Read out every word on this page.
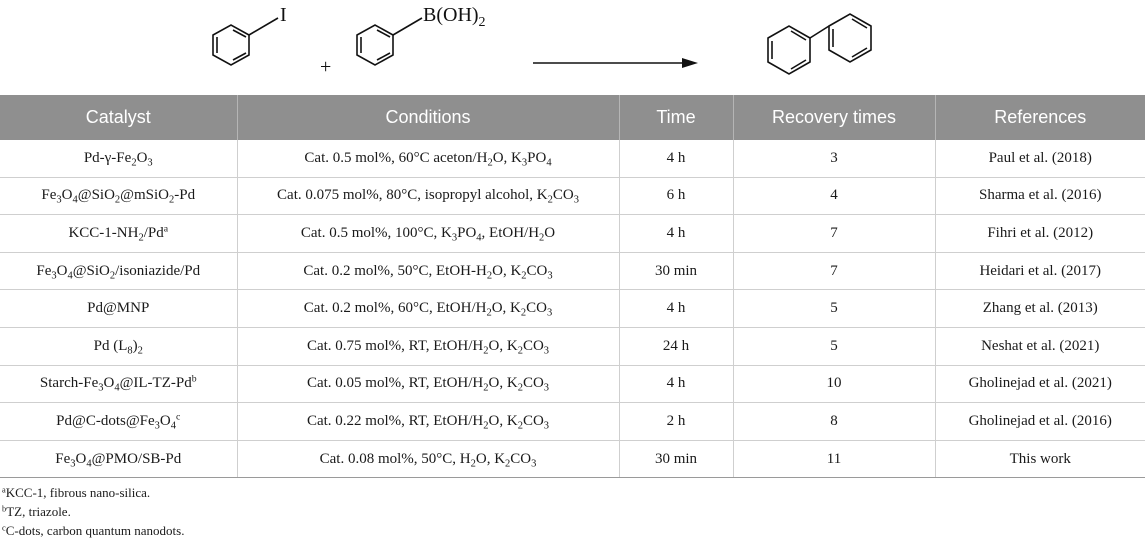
I
+
$B(OH)_2$
Catalyst	Conditions	Time	Recovery times	References
$Pd-\gamma-Fe_2O_3$	Cat. 0.5 mol%, 60°C aceton/$H_2O$, $K_3PO_4$	4 h	3	Paul et al. (2018)
$Fe_3O_4@SiO_2@mSiO_2-Pd$	Cat. 0.075 mol%, 80°C, isopropyl alcohol, $K_2CO_3$	6 h	4	Sharma et al. (2016)
KCC-$1-NH_2/Pd^a$	Cat. 0.5 mol%, 100°C, $K_3PO_4$, EtOH/$H_2O$	4 h	7	Fihri et al. (2012)
$Fe_3O_4@SiO_2/isoniazide/Pd$	Cat. 0.2 mol%, 50°C, EtOH-$H_2O$, $K_2CO_3$	30 min	7	Heidari et al. (2017)
Pd@MNP	Cat. 0.2 mol%, 60°C, EtOH/$H_2O$, $K_2CO_3$	4 h	5	Zhang et al. (2013)
Pd $(L_8)_2$	Cat. 0.75 mol%, RT, EtOH/$H_2O$, $K_2CO_3$	24 h	5	Neshat et al. (2021)
Starch-$Fe_3O_4@IL-TZ-Pd^b$	Cat. 0.05 mol%, RT, EtOH/$H_2O$, $K_2CO_3$	4 h	10	Gholinejad et al. (2021)
$Pd@C-dots@Fe_3O_4^c$	Cat. 0.22 mol%, RT, EtOH/$H_2O$, $K_2CO_3$	2 h	8	Gholinejad et al. (2016)
$Fe_3O_4@PMO/SB-Pd$	Cat. 0.08 mol%, 50°C, $H_2O$, $K_2CO_3$	30 min	11	This work
$^a$KCC-1, fibrous nano-silica.
$^b$TZ, triazole.
$^c$C-dots, carbon quantum nanodots.
